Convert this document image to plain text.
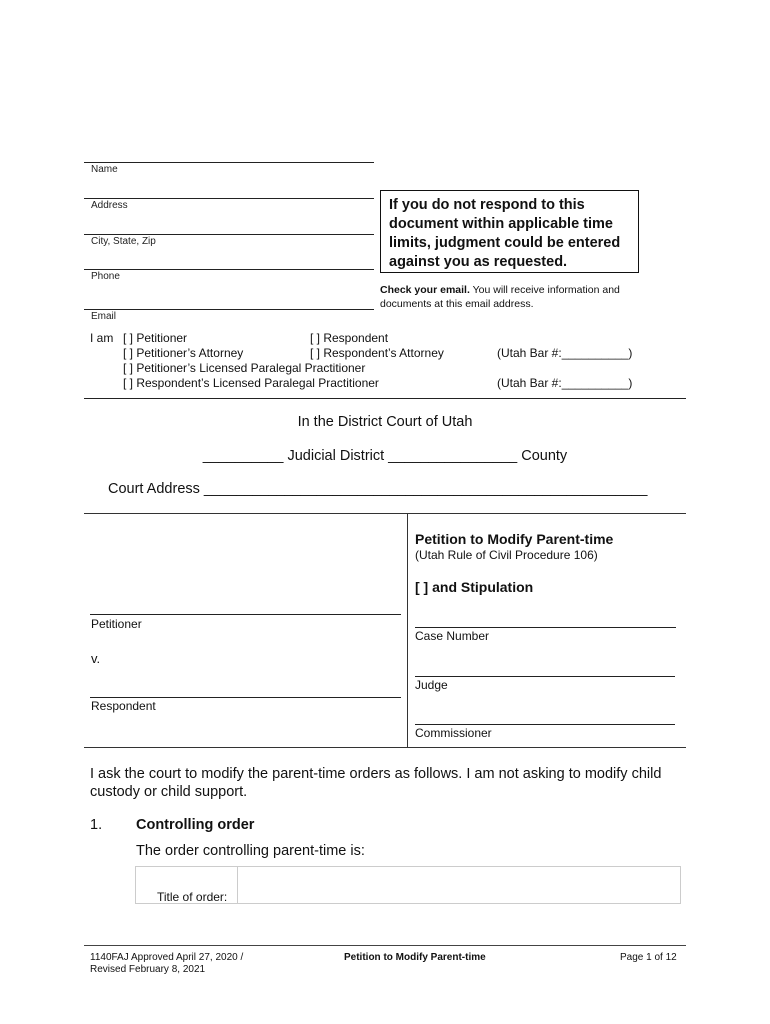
Name
Address
City, State, Zip
Phone
Email
If you do not respond to this document within applicable time limits, judgment could be entered against you as requested.
Check your email. You will receive information and documents at this email address.
I am [ ] Petitioner	[ ] Respondent
[ ] Petitioner’s Attorney	[ ] Respondent’s Attorney	(Utah Bar #:__________)
[ ] Petitioner’s Licensed Paralegal Practitioner
[ ] Respondent’s Licensed Paralegal Practitioner	(Utah Bar #:__________)
In the District Court of Utah
__________ Judicial District ________________ County
Court Address _______________________________________________________
Petitioner
v.
Respondent
Petition to Modify Parent-time
(Utah Rule of Civil Procedure 106)
[ ] and Stipulation
Case Number
Judge
Commissioner
I ask the court to modify the parent-time orders as follows. I am not asking to modify child custody or child support.
1. Controlling order
The order controlling parent-time is:
Title of order:
1140FAJ Approved April 27, 2020 /
Revised February 8, 2021
Petition to Modify Parent-time	Page 1 of 12
